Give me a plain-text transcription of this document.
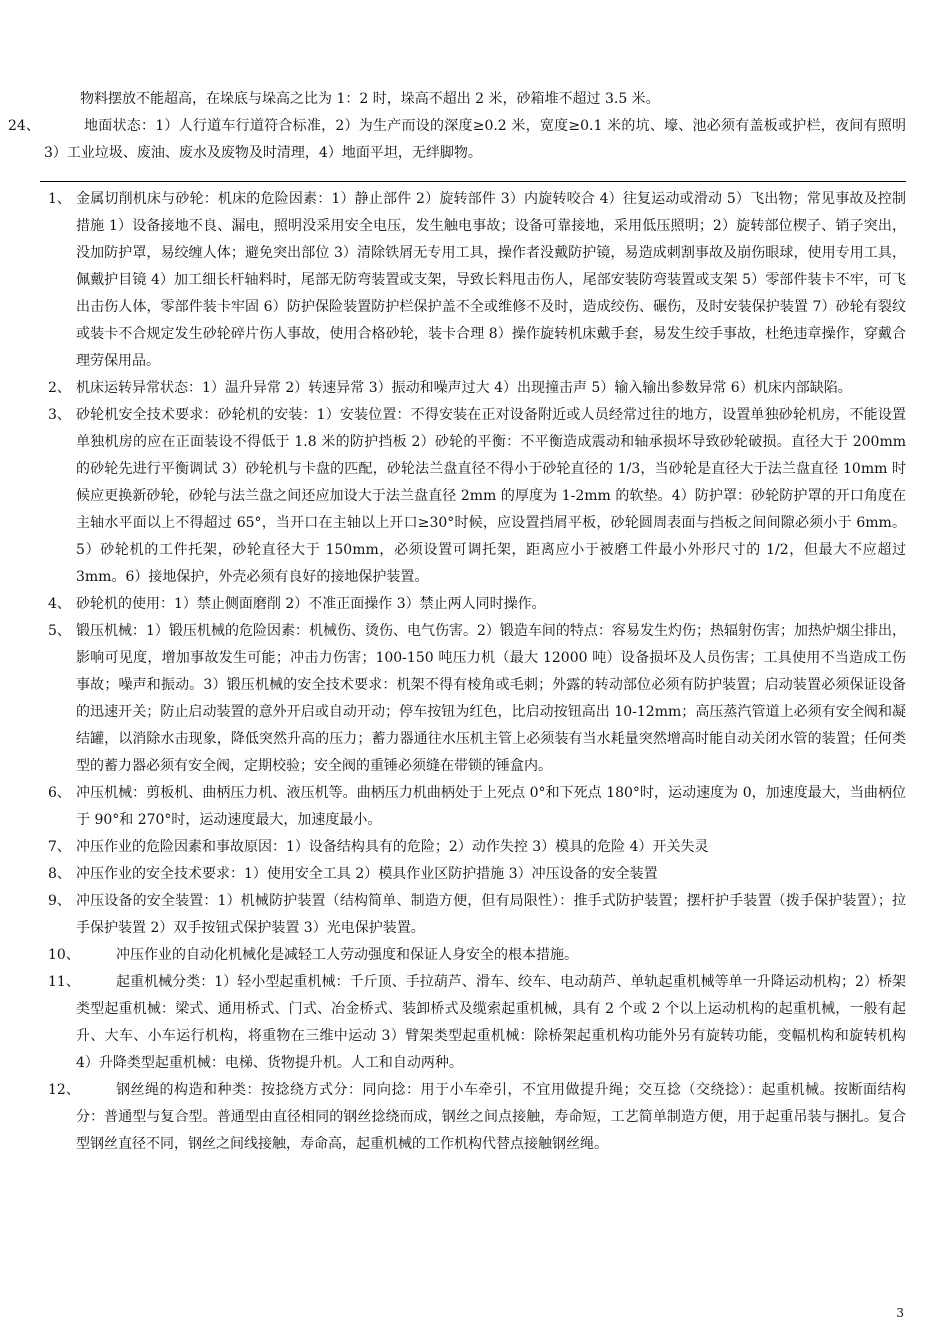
物料摆放不能超高，在垛底与垛高之比为 1：2 时，垛高不超出 2 米，砂箱堆不超过 3.5 米。
24、	地面状态：1）人行道车行道符合标准，2）为生产而设的深度≥0.2 米，宽度≥0.1 米的坑、壕、池必须有盖板或护栏，夜间有照明 3）工业垃圾、废油、废水及废物及时清理，4）地面平坦，无绊脚物。
1、 金属切削机床与砂轮：机床的危险因素：1）静止部件 2）旋转部件 3）内旋转咬合 4）往复运动或滑动 5）飞出物；常见事故及控制措施 1）设备接地不良、漏电，照明没采用安全电压，发生触电事故；设备可靠接地，采用低压照明；2）旋转部位楔子、销子突出，没加防护罩，易绞缠人体；避免突出部位 3）清除铁屑无专用工具，操作者没戴防护镜，易造成刺割事故及崩伤眼球，使用专用工具，佩戴护目镜 4）加工细长杆轴料时，尾部无防弯装置或支架，导致长料甩击伤人，尾部安装防弯装置或支架 5）零部件装卡不牢，可飞出击伤人体，零部件装卡牢固 6）防护保险装置防护栏保护盖不全或维修不及时，造成绞伤、碾伤，及时安装保护装置 7）砂轮有裂纹或装卡不合规定发生砂轮碎片伤人事故，使用合格砂轮，装卡合理 8）操作旋转机床戴手套，易发生绞手事故，杜绝违章操作，穿戴合理劳保用品。
2、 机床运转异常状态：1）温升异常 2）转速异常 3）振动和噪声过大 4）出现撞击声 5）输入输出参数异常 6）机床内部缺陷。
3、 砂轮机安全技术要求：砂轮机的安装：1）安装位置：不得安装在正对设备附近或人员经常过往的地方，设置单独砂轮机房，不能设置单独机房的应在正面装设不得低于 1.8 米的防护挡板 2）砂轮的平衡：不平衡造成震动和轴承损坏导致砂轮破损。直径大于 200mm 的砂轮先进行平衡调试 3）砂轮机与卡盘的匹配，砂轮法兰盘直径不得小于砂轮直径的 1/3，当砂轮是直径大于法兰盘直径 10mm 时候应更换新砂轮，砂轮与法兰盘之间还应加设大于法兰盘直径 2mm 的厚度为 1-2mm 的软垫。4）防护罩：砂轮防护罩的开口角度在主轴水平面以上不得超过 65°，当开口在主轴以上开口≥30°时候，应设置挡屑平板，砂轮圆周表面与挡板之间间隙必须小于 6mm。5）砂轮机的工件托架，砂轮直径大于 150mm，必须设置可调托架，距离应小于被磨工件最小外形尺寸的 1/2，但最大不应超过 3mm。6）接地保护，外壳必须有良好的接地保护装置。
4、 砂轮机的使用：1）禁止侧面磨削 2）不准正面操作 3）禁止两人同时操作。
5、 锻压机械：1）锻压机械的危险因素：机械伤、烫伤、电气伤害。2）锻造车间的特点：容易发生灼伤；热辐射伤害；加热炉烟尘排出，影响可见度，增加事故发生可能；冲击力伤害；100-150 吨压力机（最大 12000 吨）设备损坏及人员伤害；工具使用不当造成工伤事故；噪声和振动。3）锻压机械的安全技术要求：机架不得有棱角或毛刺；外露的转动部位必须有防护装置；启动装置必须保证设备的迅速开关；防止启动装置的意外开启或自动开动；停车按钮为红色，比启动按钮高出 10-12mm；高压蒸汽管道上必须有安全阀和凝结罐，以消除水击现象，降低突然升高的压力；蓄力器通往水压机主管上必须装有当水耗量突然增高时能自动关闭水管的装置；任何类型的蓄力器必须有安全阀，定期校验；安全阀的重锤必须缝在带锁的锤盒内。
6、 冲压机械：剪板机、曲柄压力机、液压机等。曲柄压力机曲柄处于上死点 0°和下死点 180°时，运动速度为 0，加速度最大，当曲柄位于 90°和 270°时，运动速度最大，加速度最小。
7、 冲压作业的危险因素和事故原因：1）设备结构具有的危险；2）动作失控 3）模具的危险 4）开关失灵
8、 冲压作业的安全技术要求：1）使用安全工具 2）模具作业区防护措施 3）冲压设备的安全装置
9、 冲压设备的安全装置：1）机械防护装置（结构简单、制造方便，但有局限性）：推手式防护装置；摆杆护手装置（拨手保护装置）；拉手保护装置 2）双手按钮式保护装置 3）光电保护装置。
10、	冲压作业的自动化机械化是减轻工人劳动强度和保证人身安全的根本措施。
11、	起重机械分类：1）轻小型起重机械：千斤顶、手拉葫芦、滑车、绞车、电动葫芦、单轨起重机械等单一升降运动机构；2）桥架类型起重机械：梁式、通用桥式、门式、冶金桥式、装卸桥式及缆索起重机械，具有 2 个或 2 个以上运动机构的起重机械，一般有起升、大车、小车运行机构，将重物在三维中运动 3）臂架类型起重机械：除桥架起重机构功能外另有旋转功能，变幅机构和旋转机构 4）升降类型起重机械：电梯、货物提升机。人工和自动两种。
12、	钢丝绳的构造和种类：按捻绕方式分：同向捻：用于小车牵引，不宜用做提升绳；交互捻（交绕捻）：起重机械。按断面结构分：普通型与复合型。普通型由直径相同的钢丝捻绕而成，钢丝之间点接触，寿命短，工艺简单制造方便，用于起重吊装与捆扎。复合型钢丝直径不同，钢丝之间线接触，寿命高，起重机械的工作机构代替点接触钢丝绳。
3
